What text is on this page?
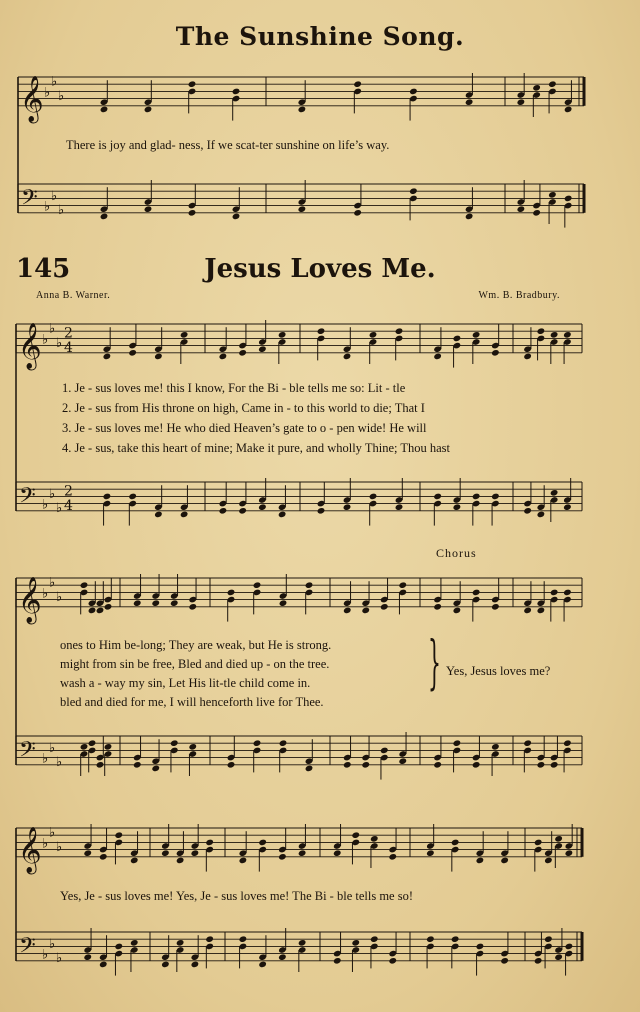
The Sunshine Song.
𝄞 ♭
♭
♭
𝄢 ♭
♭
♭
𝄞 ♭
♭
♭
2
4
𝄢 ♭
♭
♭
2
4
𝄞 ♭
♭
♭
𝄢 ♭
♭
♭
𝄞 ♭
♭
♭
𝄢 ♭
♭
♭
There is joy and glad- ness, If we scat-ter sunshine on life’s way.
145	Jesus Loves Me.
Anna B. Warner.	Wm. B. Bradbury.
1. Je - sus loves me! this I know, For the Bi - ble tells me so: Lit - tle
2. Je - sus from His throne on high, Came in - to this world to die; That I
3. Je - sus loves me! He who died Heaven’s gate to o - pen wide! He will
4. Je - sus, take this heart of mine; Make it pure, and wholly Thine; Thou hast
Chorus
ones to Him be-long; They are weak, but He is strong.
might from sin be free, Bled and died up - on the tree.
wash a - way my sin, Let His lit-tle child come in.
bled and died for me, I will henceforth live for Thee.
} Yes, Jesus loves me?
Yes, Je - sus loves me! Yes, Je - sus loves me! The Bi - ble tells me so!
